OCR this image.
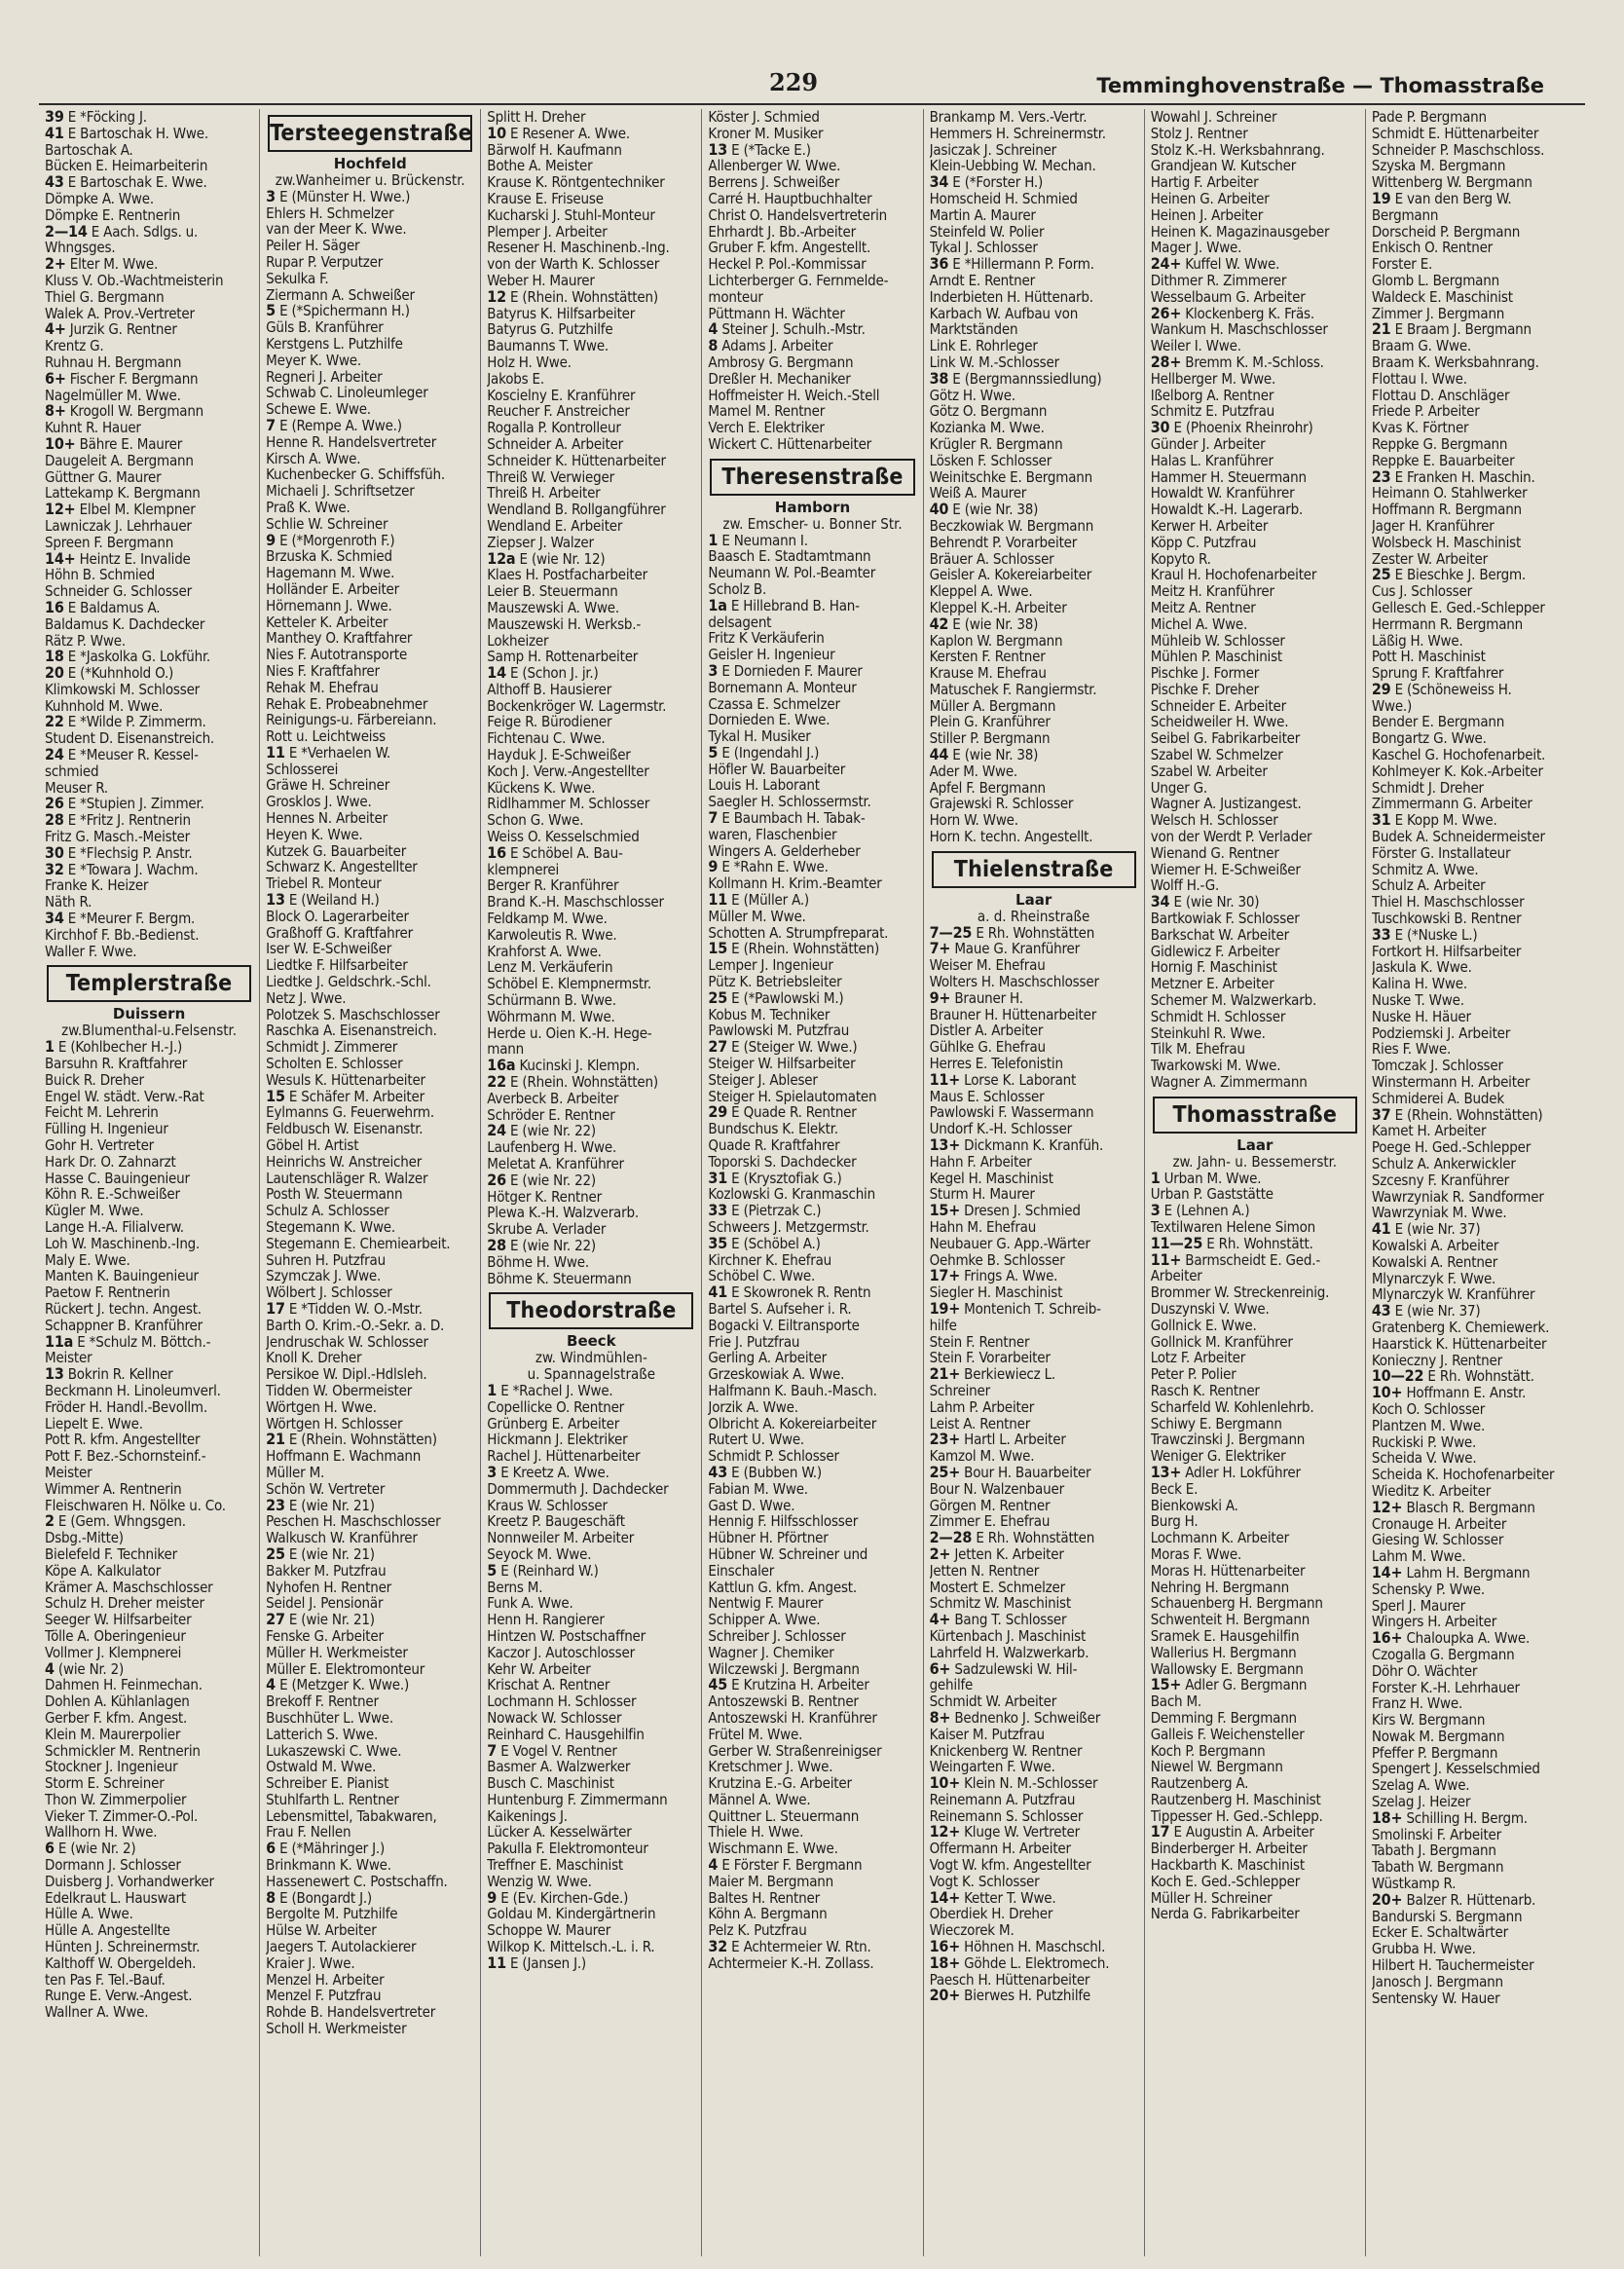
229	Temminghovenstraße — Thomasstraße
39 E *Föcking J.
41 E Bartoschak H. Wwe.
Bartoschak A.
Bücken E. Heimarbeiterin
43 E Bartoschak E. Wwe.
Dömpke A. Wwe.
Dömpke E. Rentnerin
2—14 E Aach. Sdlgs. u.
Whngsges.
2+ Elter M. Wwe.
Kluss V. Ob.-Wachtmeisterin
Thiel G. Bergmann
Walek A. Prov.-Vertreter
4+ Jurzik G. Rentner
Krentz G.
Ruhnau H. Bergmann
6+ Fischer F. Bergmann
Nagelmüller M. Wwe.
8+ Krogoll W. Bergmann
Kuhnt R. Hauer
10+ Bähre E. Maurer
Daugeleit A. Bergmann
Güttner G. Maurer
Lattekamp K. Bergmann
12+ Elbel M. Klempner
Lawniczak J. Lehrhauer
Spreen F. Bergmann
14+ Heintz E. Invalide
Höhn B. Schmied
Schneider G. Schlosser
16 E Baldamus A.
Baldamus K. Dachdecker
Rätz P. Wwe.
18 E *Jaskolka G. Lokführ.
20 E (*Kuhnhold O.)
Klimkowski M. Schlosser
Kuhnhold M. Wwe.
22 E *Wilde P. Zimmerm.
Student D. Eisenanstreich.
24 E *Meuser R. Kessel-
schmied
Meuser R.
26 E *Stupien J. Zimmer.
28 E *Fritz J. Rentnerin
Fritz G. Masch.-Meister
30 E *Flechsig P. Anstr.
32 E *Towara J. Wachm.
Franke K. Heizer
Näth R.
34 E *Meurer F. Bergm.
Kirchhof F. Bb.-Bedienst.
Waller F. Wwe.
Templerstraße
Duissern
zw.Blumenthal-u.Felsenstr.
1 E (Kohlbecher H.-J.)
Barsuhn R. Kraftfahrer
Buick R. Dreher
Engel W. städt. Verw.-Rat
Feicht M. Lehrerin
Fülling H. Ingenieur
Gohr H. Vertreter
Hark Dr. O. Zahnarzt
Hasse C. Bauingenieur
Köhn R. E.-Schweißer
Kügler M. Wwe.
Lange H.-A. Filialverw.
Loh W. Maschinenb.-Ing.
Maly E. Wwe.
Manten K. Bauingenieur
Paetow F. Rentnerin
Rückert J. techn. Angest.
Schappner B. Kranführer
11a E *Schulz M. Böttch.-
Meister
13 Bokrin R. Kellner
Beckmann H. Linoleumverl.
Fröder H. Handl.-Bevollm.
Liepelt E. Wwe.
Pott R. kfm. Angestellter
Pott F. Bez.-Schornsteinf.-
Meister
Wimmer A. Rentnerin
Fleischwaren H. Nölke u. Co.
2 E (Gem. Whngsgen.
Dsbg.-Mitte)
Bielefeld F. Techniker
Köpe A. Kalkulator
Krämer A. Maschschlosser
Schulz H. Dreher meister
Seeger W. Hilfsarbeiter
Tölle A. Oberingenieur
Vollmer J. Klempnerei
4 (wie Nr. 2)
Dahmen H. Feinmechan.
Dohlen A. Kühlanlagen
Gerber F. kfm. Angest.
Klein M. Maurerpolier
Schmickler M. Rentnerin
Stockner J. Ingenieur
Storm E. Schreiner
Thon W. Zimmerpolier
Vieker T. Zimmer-O.-Pol.
Wallhorn H. Wwe.
6 E (wie Nr. 2)
Dormann J. Schlosser
Duisberg J. Vorhandwerker
Edelkraut L. Hauswart
Hülle A. Wwe.
Hülle A. Angestellte
Hünten J. Schreinermstr.
Kalthoff W. Obergeldeh.
ten Pas F. Tel.-Bauf.
Runge E. Verw.-Angest.
Wallner A. Wwe.
Tersteegenstraße
Hochfeld
zw.Wanheimer u. Brückenstr.
3 E (Münster H. Wwe.)
Ehlers H. Schmelzer
van der Meer K. Wwe.
Peiler H. Säger
Rupar P. Verputzer
Sekulka F.
Ziermann A. Schweißer
5 E (*Spichermann H.)
Güls B. Kranführer
Kerstgens L. Putzhilfe
Meyer K. Wwe.
Regneri J. Arbeiter
Schwab C. Linoleumleger
Schewe E. Wwe.
7 E (Rempe A. Wwe.)
Henne R. Handelsvertreter
Kirsch A. Wwe.
Kuchenbecker G. Schiffsfüh.
Michaeli J. Schriftsetzer
Praß K. Wwe.
Schlie W. Schreiner
9 E (*Morgenroth F.)
Brzuska K. Schmied
Hagemann M. Wwe.
Holländer E. Arbeiter
Hörnemann J. Wwe.
Ketteler K. Arbeiter
Manthey O. Kraftfahrer
Nies F. Autotransporte
Nies F. Kraftfahrer
Rehak M. Ehefrau
Rehak E. Probeabnehmer
Reinigungs-u. Färbereiann.
Rott u. Leichtweiss
11 E *Verhaelen W.
Schlosserei
Gräwe H. Schreiner
Grosklos J. Wwe.
Hennes N. Arbeiter
Heyen K. Wwe.
Kutzek G. Bauarbeiter
Schwarz K. Angestellter
Triebel R. Monteur
13 E (Weiland H.)
Block O. Lagerarbeiter
Graßhoff G. Kraftfahrer
Iser W. E-Schweißer
Liedtke F. Hilfsarbeiter
Liedtke J. Geldschrk.-Schl.
Netz J. Wwe.
Polotzek S. Maschschlosser
Raschka A. Eisenanstreich.
Schmidt J. Zimmerer
Scholten E. Schlosser
Wesuls K. Hüttenarbeiter
15 E Schäfer M. Arbeiter
Eylmanns G. Feuerwehrm.
Feldbusch W. Eisenanstr.
Göbel H. Artist
Heinrichs W. Anstreicher
Lautenschläger R. Walzer
Posth W. Steuermann
Schulz A. Schlosser
Stegemann K. Wwe.
Stegemann E. Chemiearbeit.
Suhren H. Putzfrau
Szymczak J. Wwe.
Wölbert J. Schlosser
17 E *Tidden W. O.-Mstr.
Barth O. Krim.-O.-Sekr. a. D.
Jendruschak W. Schlosser
Knoll K. Dreher
Persikoe W. Dipl.-Hdlsleh.
Tidden W. Obermeister
Wörtgen H. Wwe.
Wörtgen H. Schlosser
21 E (Rhein. Wohnstätten)
Hoffmann E. Wachmann
Müller M.
Schön W. Vertreter
23 E (wie Nr. 21)
Peschen H. Maschschlosser
Walkusch W. Kranführer
25 E (wie Nr. 21)
Bakker M. Putzfrau
Nyhofen H. Rentner
Seidel J. Pensionär
27 E (wie Nr. 21)
Fenske G. Arbeiter
Müller H. Werkmeister
Müller E. Elektromonteur
4 E (Metzger K. Wwe.)
Brekoff F. Rentner
Buschhüter L. Wwe.
Latterich S. Wwe.
Lukaszewski C. Wwe.
Ostwald M. Wwe.
Schreiber E. Pianist
Stuhlfarth L. Rentner
Lebensmittel, Tabakwaren,
Frau F. Nellen
6 E (*Mähringer J.)
Brinkmann K. Wwe.
Hassenewert C. Postschaffn.
8 E (Bongardt J.)
Bergolte M. Putzhilfe
Hülse W. Arbeiter
Jaegers T. Autolackierer
Kraier J. Wwe.
Menzel H. Arbeiter
Menzel F. Putzfrau
Rohde B. Handelsvertreter
Scholl H. Werkmeister
Splitt H. Dreher
10 E Resener A. Wwe.
Bärwolf H. Kaufmann
Bothe A. Meister
Krause K. Röntgentechniker
Krause E. Friseuse
Kucharski J. Stuhl-Monteur
Plemper J. Arbeiter
Resener H. Maschinenb.-Ing.
von der Warth K. Schlosser
Weber H. Maurer
12 E (Rhein. Wohnstätten)
Batyrus K. Hilfsarbeiter
Batyrus G. Putzhilfe
Baumanns T. Wwe.
Holz H. Wwe.
Jakobs E.
Koscielny E. Kranführer
Reucher F. Anstreicher
Rogalla P. Kontrolleur
Schneider A. Arbeiter
Schneider K. Hüttenarbeiter
Threiß W. Verwieger
Threiß H. Arbeiter
Wendland B. Rollgangführer
Wendland E. Arbeiter
Ziepser J. Walzer
12a E (wie Nr. 12)
Klaes H. Postfacharbeiter
Leier B. Steuermann
Mauszewski A. Wwe.
Mauszewski H. Werksb.-
Lokheizer
Samp H. Rottenarbeiter
14 E (Schon J. jr.)
Althoff B. Hausierer
Bockenkröger W. Lagermstr.
Feige R. Bürodiener
Fichtenau C. Wwe.
Hayduk J. E-Schweißer
Koch J. Verw.-Angestellter
Kückens K. Wwe.
Ridlhammer M. Schlosser
Schon G. Wwe.
Weiss O. Kesselschmied
16 E Schöbel A. Bau-
klempnerei
Berger R. Kranführer
Brand K.-H. Maschschlosser
Feldkamp M. Wwe.
Karwoleutis R. Wwe.
Krahforst A. Wwe.
Lenz M. Verkäuferin
Schöbel E. Klempnermstr.
Schürmann B. Wwe.
Wöhrmann M. Wwe.
Herde u. Oien K.-H. Hege-
mann
16a Kucinski J. Klempn.
22 E (Rhein. Wohnstätten)
Averbeck B. Arbeiter
Schröder E. Rentner
24 E (wie Nr. 22)
Laufenberg H. Wwe.
Meletat A. Kranführer
26 E (wie Nr. 22)
Hötger K. Rentner
Plewa K.-H. Walzverarb.
Skrube A. Verlader
28 E (wie Nr. 22)
Böhme H. Wwe.
Böhme K. Steuermann
Theodorstraße
Beeck
zw. Windmühlen-
u. Spannagelstraße
1 E *Rachel J. Wwe.
Copellicke O. Rentner
Grünberg E. Arbeiter
Hickmann J. Elektriker
Rachel J. Hüttenarbeiter
3 E Kreetz A. Wwe.
Dommermuth J. Dachdecker
Kraus W. Schlosser
Kreetz P. Baugeschäft
Nonnweiler M. Arbeiter
Seyock M. Wwe.
5 E (Reinhard W.)
Berns M.
Funk A. Wwe.
Henn H. Rangierer
Hintzen W. Postschaffner
Kaczor J. Autoschlosser
Kehr W. Arbeiter
Krischat A. Rentner
Lochmann H. Schlosser
Nowack W. Schlosser
Reinhard C. Hausgehilfin
7 E Vogel V. Rentner
Basmer A. Walzwerker
Busch C. Maschinist
Huntenburg F. Zimmermann
Kaikenings J.
Lücker A. Kesselwärter
Pakulla F. Elektromonteur
Treffner E. Maschinist
Wenzig W. Wwe.
9 E (Ev. Kirchen-Gde.)
Goldau M. Kindergärtnerin
Schoppe W. Maurer
Wilkop K. Mittelsch.-L. i. R.
11 E (Jansen J.)
Köster J. Schmied
Kroner M. Musiker
13 E (*Tacke E.)
Allenberger W. Wwe.
Berrens J. Schweißer
Carré H. Hauptbuchhalter
Christ O. Handelsvertreterin
Ehrhardt J. Bb.-Arbeiter
Gruber F. kfm. Angestellt.
Heckel P. Pol.-Kommissar
Lichterberger G. Fernmelde-
monteur
Püttmann H. Wächter
4 Steiner J. Schulh.-Mstr.
8 Adams J. Arbeiter
Ambrosy G. Bergmann
Dreßler H. Mechaniker
Hoffmeister H. Weich.-Stell
Mamel M. Rentner
Verch E. Elektriker
Wickert C. Hüttenarbeiter
Theresenstraße
Hamborn
zw. Emscher- u. Bonner Str.
1 E Neumann I.
Baasch E. Stadtamtmann
Neumann W. Pol.-Beamter
Scholz B.
1a E Hillebrand B. Han-
delsagent
Fritz K Verkäuferin
Geisler H. Ingenieur
3 E Dornieden F. Maurer
Bornemann A. Monteur
Czassa E. Schmelzer
Dornieden E. Wwe.
Tykal H. Musiker
5 E (Ingendahl J.)
Höfler W. Bauarbeiter
Louis H. Laborant
Saegler H. Schlossermstr.
7 E Baumbach H. Tabak-
waren, Flaschenbier
Wingers A. Gelderheber
9 E *Rahn E. Wwe.
Kollmann H. Krim.-Beamter
11 E (Müller A.)
Müller M. Wwe.
Schotten A. Strumpfreparat.
15 E (Rhein. Wohnstätten)
Lemper J. Ingenieur
Pütz K. Betriebsleiter
25 E (*Pawlowski M.)
Kobus M. Techniker
Pawlowski M. Putzfrau
27 E (Steiger W. Wwe.)
Steiger W. Hilfsarbeiter
Steiger J. Ableser
Steiger H. Spielautomaten
29 E Quade R. Rentner
Bundschus K. Elektr.
Quade R. Kraftfahrer
Toporski S. Dachdecker
31 E (Krysztofiak G.)
Kozlowski G. Kranmaschin
33 E (Pietrzak C.)
Schweers J. Metzgermstr.
35 E (Schöbel A.)
Kirchner K. Ehefrau
Schöbel C. Wwe.
41 E Skowronek R. Rentn
Bartel S. Aufseher i. R.
Bogacki V. Eiltransporte
Frie J. Putzfrau
Gerling A. Arbeiter
Grzeskowiak A. Wwe.
Halfmann K. Bauh.-Masch.
Jorzik A. Wwe.
Olbricht A. Kokereiarbeiter
Rutert U. Wwe.
Schmidt P. Schlosser
43 E (Bubben W.)
Fabian M. Wwe.
Gast D. Wwe.
Hennig F. Hilfsschlosser
Hübner H. Pförtner
Hübner W. Schreiner und
Einschaler
Kattlun G. kfm. Angest.
Nentwig F. Maurer
Schipper A. Wwe.
Schreiber J. Schlosser
Wagner J. Chemiker
Wilczewski J. Bergmann
45 E Krutzina H. Arbeiter
Antoszewski B. Rentner
Antoszewski H. Kranführer
Frütel M. Wwe.
Gerber W. Straßenreinigser
Kretschmer J. Wwe.
Krutzina E.-G. Arbeiter
Männel A. Wwe.
Quittner L. Steuermann
Thiele H. Wwe.
Wischmann E. Wwe.
4 E Förster F. Bergmann
Maier M. Bergmann
Baltes H. Rentner
Köhn A. Bergmann
Pelz K. Putzfrau
32 E Achtermeier W. Rtn.
Achtermeier K.-H. Zollass.
Brankamp M. Vers.-Vertr.
Hemmers H. Schreinermstr.
Jasiczak J. Schreiner
Klein-Uebbing W. Mechan.
34 E (*Forster H.)
Homscheid H. Schmied
Martin A. Maurer
Steinfeld W. Polier
Tykal J. Schlosser
36 E *Hillermann P. Form.
Arndt E. Rentner
Inderbieten H. Hüttenarb.
Karbach W. Aufbau von
Marktständen
Link E. Rohrleger
Link W. M.-Schlosser
38 E (Bergmannssiedlung)
Götz H. Wwe.
Götz O. Bergmann
Kozianka M. Wwe.
Krügler R. Bergmann
Lösken F. Schlosser
Weinitschke E. Bergmann
Weiß A. Maurer
40 E (wie Nr. 38)
Beczkowiak W. Bergmann
Behrendt P. Vorarbeiter
Bräuer A. Schlosser
Geisler A. Kokereiarbeiter
Kleppel A. Wwe.
Kleppel K.-H. Arbeiter
42 E (wie Nr. 38)
Kaplon W. Bergmann
Kersten F. Rentner
Krause M. Ehefrau
Matuschek F. Rangiermstr.
Müller A. Bergmann
Plein G. Kranführer
Stiller P. Bergmann
44 E (wie Nr. 38)
Ader M. Wwe.
Apfel F. Bergmann
Grajewski R. Schlosser
Horn W. Wwe.
Horn K. techn. Angestellt.
Thielenstraße
Laar
a. d. Rheinstraße
7—25 E Rh. Wohnstätten
7+ Maue G. Kranführer
Weiser M. Ehefrau
Wolters H. Maschschlosser
9+ Brauner H.
Brauner H. Hüttenarbeiter
Distler A. Arbeiter
Gühlke G. Ehefrau
Herres E. Telefonistin
11+ Lorse K. Laborant
Maus E. Schlosser
Pawlowski F. Wassermann
Undorf K.-H. Schlosser
13+ Dickmann K. Kranfüh.
Hahn F. Arbeiter
Kegel H. Maschinist
Sturm H. Maurer
15+ Dresen J. Schmied
Hahn M. Ehefrau
Neubauer G. App.-Wärter
Oehmke B. Schlosser
17+ Frings A. Wwe.
Siegler H. Maschinist
19+ Montenich T. Schreib-
hilfe
Stein F. Rentner
Stein F. Vorarbeiter
21+ Berkiewiecz L.
Schreiner
Lahm P. Arbeiter
Leist A. Rentner
23+ Hartl L. Arbeiter
Kamzol M. Wwe.
25+ Bour H. Bauarbeiter
Bour N. Walzenbauer
Görgen M. Rentner
Zimmer E. Ehefrau
2—28 E Rh. Wohnstätten
2+ Jetten K. Arbeiter
Jetten N. Rentner
Mostert E. Schmelzer
Schmitz W. Maschinist
4+ Bang T. Schlosser
Kürtenbach J. Maschinist
Lahrfeld H. Walzwerkarb.
6+ Sadzulewski W. Hil-
gehilfe
Schmidt W. Arbeiter
8+ Bednenko J. Schweißer
Kaiser M. Putzfrau
Knickenberg W. Rentner
Weingarten F. Wwe.
10+ Klein N. M.-Schlosser
Reinemann A. Putzfrau
Reinemann S. Schlosser
12+ Kluge W. Vertreter
Offermann H. Arbeiter
Vogt W. kfm. Angestellter
Vogt K. Schlosser
14+ Ketter T. Wwe.
Oberdiek H. Dreher
Wieczorek M.
16+ Höhnen H. Maschschl.
18+ Göhde L. Elektromech.
Paesch H. Hüttenarbeiter
20+ Bierwes H. Putzhilfe
Wowahl J. Schreiner
Stolz J. Rentner
Stolz K.-H. Werksbahnrang.
Grandjean W. Kutscher
Hartig F. Arbeiter
Heinen G. Arbeiter
Heinen J. Arbeiter
Heinen K. Magazinausgeber
Mager J. Wwe.
24+ Kuffel W. Wwe.
Dithmer R. Zimmerer
Wesselbaum G. Arbeiter
26+ Klockenberg K. Fräs.
Wankum H. Maschschlosser
Weiler I. Wwe.
28+ Bremm K. M.-Schloss.
Hellberger M. Wwe.
Ißelborg A. Rentner
Schmitz E. Putzfrau
30 E (Phoenix Rheinrohr)
Günder J. Arbeiter
Halas L. Kranführer
Hammer H. Steuermann
Howaldt W. Kranführer
Howaldt K.-H. Lagerarb.
Kerwer H. Arbeiter
Köpp C. Putzfrau
Kopyto R.
Kraul H. Hochofenarbeiter
Meitz H. Kranführer
Meitz A. Rentner
Michel A. Wwe.
Mühleib W. Schlosser
Mühlen P. Maschinist
Pischke J. Former
Pischke F. Dreher
Schneider E. Arbeiter
Scheidweiler H. Wwe.
Seibel G. Fabrikarbeiter
Szabel W. Schmelzer
Szabel W. Arbeiter
Unger G.
Wagner A. Justizangest.
Welsch H. Schlosser
von der Werdt P. Verlader
Wienand G. Rentner
Wiemer H. E-Schweißer
Wolff H.-G.
34 E (wie Nr. 30)
Bartkowiak F. Schlosser
Barkschat W. Arbeiter
Gidlewicz F. Arbeiter
Hornig F. Maschinist
Metzner E. Arbeiter
Schemer M. Walzwerkarb.
Schmidt H. Schlosser
Steinkuhl R. Wwe.
Tilk M. Ehefrau
Twarkowski M. Wwe.
Wagner A. Zimmermann
Thomasstraße
Laar
zw. Jahn- u. Bessemerstr.
1 Urban M. Wwe.
Urban P. Gaststätte
3 E (Lehnen A.)
Textilwaren Helene Simon
11—25 E Rh. Wohnstätt.
11+ Barmscheidt E. Ged.-
Arbeiter
Brommer W. Streckenreinig.
Duszynski V. Wwe.
Gollnick E. Wwe.
Gollnick M. Kranführer
Lotz F. Arbeiter
Peter P. Polier
Rasch K. Rentner
Scharfeld W. Kohlenlehrb.
Schiwy E. Bergmann
Trawczinski J. Bergmann
Weniger G. Elektriker
13+ Adler H. Lokführer
Beck E.
Bienkowski A.
Burg H.
Lochmann K. Arbeiter
Moras F. Wwe.
Moras H. Hüttenarbeiter
Nehring H. Bergmann
Schauenberg H. Bergmann
Schwenteit H. Bergmann
Sramek E. Hausgehilfin
Wallerius H. Bergmann
Wallowsky E. Bergmann
15+ Adler G. Bergmann
Bach M.
Demming F. Bergmann
Galleis F. Weichensteller
Koch P. Bergmann
Niewel W. Bergmann
Rautzenberg A.
Rautzenberg H. Maschinist
Tippesser H. Ged.-Schlepp.
17 E Augustin A. Arbeiter
Binderberger H. Arbeiter
Hackbarth K. Maschinist
Koch E. Ged.-Schlepper
Müller H. Schreiner
Nerda G. Fabrikarbeiter
Pade P. Bergmann
Schmidt E. Hüttenarbeiter
Schneider P. Maschschloss.
Szyska M. Bergmann
Wittenberg W. Bergmann
19 E van den Berg W.
Bergmann
Dorscheid P. Bergmann
Enkisch O. Rentner
Forster E.
Glomb L. Bergmann
Waldeck E. Maschinist
Zimmer J. Bergmann
21 E Braam J. Bergmann
Braam G. Wwe.
Braam K. Werksbahnrang.
Flottau I. Wwe.
Flottau D. Anschläger
Friede P. Arbeiter
Kvas K. Förtner
Reppke G. Bergmann
Reppke E. Bauarbeiter
23 E Franken H. Maschin.
Heimann O. Stahlwerker
Hoffmann R. Bergmann
Jager H. Kranführer
Wolsbeck H. Maschinist
Zester W. Arbeiter
25 E Bieschke J. Bergm.
Cus J. Schlosser
Gellesch E. Ged.-Schlepper
Herrmann R. Bergmann
Läßig H. Wwe.
Pott H. Maschinist
Sprung F. Kraftfahrer
29 E (Schöneweiss H.
Wwe.)
Bender E. Bergmann
Bongartz G. Wwe.
Kaschel G. Hochofenarbeit.
Kohlmeyer K. Kok.-Arbeiter
Schmidt J. Dreher
Zimmermann G. Arbeiter
31 E Kopp M. Wwe.
Budek A. Schneidermeister
Förster G. Installateur
Schmitz A. Wwe.
Schulz A. Arbeiter
Thiel H. Maschschlosser
Tuschkowski B. Rentner
33 E (*Nuske L.)
Fortkort H. Hilfsarbeiter
Jaskula K. Wwe.
Kalina H. Wwe.
Nuske T. Wwe.
Nuske H. Häuer
Podziemski J. Arbeiter
Ries F. Wwe.
Tomczak J. Schlosser
Winstermann H. Arbeiter
Schmiderei A. Budek
37 E (Rhein. Wohnstätten)
Kamet H. Arbeiter
Poege H. Ged.-Schlepper
Schulz A. Ankerwickler
Szcesny F. Kranführer
Wawrzyniak R. Sandformer
Wawrzyniak M. Wwe.
41 E (wie Nr. 37)
Kowalski A. Arbeiter
Kowalski A. Rentner
Mlynarczyk F. Wwe.
Mlynarczyk W. Kranführer
43 E (wie Nr. 37)
Gratenberg K. Chemiewerk.
Haarstick K. Hüttenarbeiter
Konieczny J. Rentner
10—22 E Rh. Wohnstätt.
10+ Hoffmann E. Anstr.
Koch O. Schlosser
Plantzen M. Wwe.
Ruckiski P. Wwe.
Scheida V. Wwe.
Scheida K. Hochofenarbeiter
Wieditz K. Arbeiter
12+ Blasch R. Bergmann
Cronauge H. Arbeiter
Giesing W. Schlosser
Lahm M. Wwe.
14+ Lahm H. Bergmann
Schensky P. Wwe.
Sperl J. Maurer
Wingers H. Arbeiter
16+ Chaloupka A. Wwe.
Czogalla G. Bergmann
Döhr O. Wächter
Forster K.-H. Lehrhauer
Franz H. Wwe.
Kirs W. Bergmann
Nowak M. Bergmann
Pfeffer P. Bergmann
Spengert J. Kesselschmied
Szelag A. Wwe.
Szelag J. Heizer
18+ Schilling H. Bergm.
Smolinski F. Arbeiter
Tabath J. Bergmann
Tabath W. Bergmann
Wüstkamp R.
20+ Balzer R. Hüttenarb.
Bandurski S. Bergmann
Ecker E. Schaltwärter
Grubba H. Wwe.
Hilbert H. Tauchermeister
Janosch J. Bergmann
Sentensky W. Hauer
